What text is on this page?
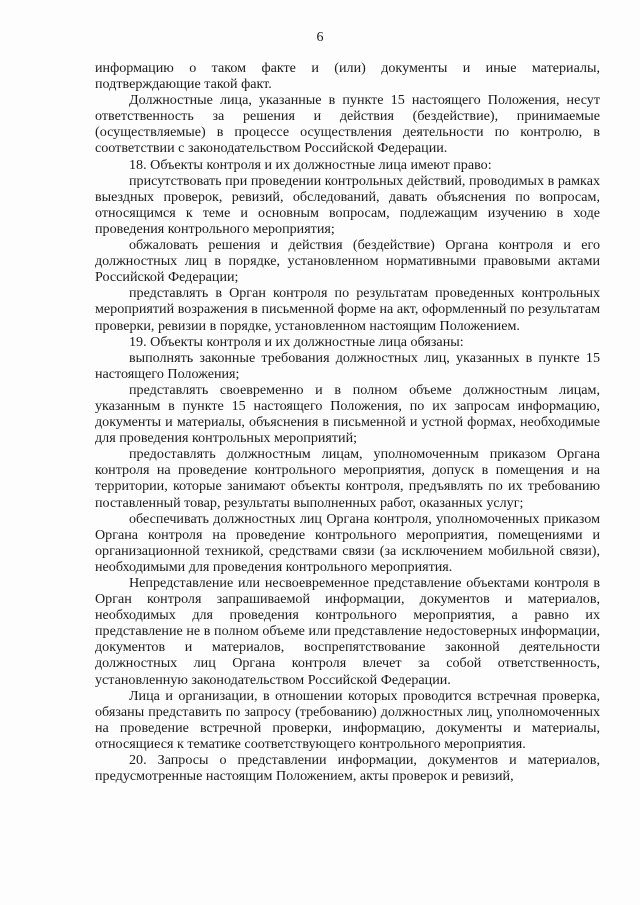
6

информацию о таком факте и (или) документы и иные материалы, подтверждающие такой факт.

Должностные лица, указанные в пункте 15 настоящего Положения, несут ответственность за решения и действия (бездействие), принимаемые (осуществляемые) в процессе осуществления деятельности по контролю, в соответствии с законодательством Российской Федерации.

18. Объекты контроля и их должностные лица имеют право:

присутствовать при проведении контрольных действий, проводимых в рамках выездных проверок, ревизий, обследований, давать объяснения по вопросам, относящимся к теме и основным вопросам, подлежащим изучению в ходе проведения контрольного мероприятия;

обжаловать решения и действия (бездействие) Органа контроля и его должностных лиц в порядке, установленном нормативными правовыми актами Российской Федерации;

представлять в Орган контроля по результатам проведенных контрольных мероприятий возражения в письменной форме на акт, оформленный по результатам проверки, ревизии в порядке, установленном настоящим Положением.

19. Объекты контроля и их должностные лица обязаны:

выполнять законные требования должностных лиц, указанных в пункте 15 настоящего Положения;

представлять своевременно и в полном объеме должностным лицам, указанным в пункте 15 настоящего Положения, по их запросам информацию, документы и материалы, объяснения в письменной и устной формах, необходимые для проведения контрольных мероприятий;

предоставлять должностным лицам, уполномоченным приказом Органа контроля на проведение контрольного мероприятия, допуск в помещения и на территории, которые занимают объекты контроля, предъявлять по их требованию поставленный товар, результаты выполненных работ, оказанных услуг;

обеспечивать должностных лиц Органа контроля, уполномоченных приказом Органа контроля на проведение контрольного мероприятия, помещениями и организационной техникой, средствами связи (за исключением мобильной связи), необходимыми для проведения контрольного мероприятия.

Непредставление или несвоевременное представление объектами контроля в Орган контроля запрашиваемой информации, документов и материалов, необходимых для проведения контрольного мероприятия, а равно их представление не в полном объеме или представление недостоверных информации, документов и материалов, воспрепятствование законной деятельности должностных лиц Органа контроля влечет за собой ответственность, установленную законодательством Российской Федерации.

Лица и организации, в отношении которых проводится встречная проверка, обязаны представить по запросу (требованию) должностных лиц, уполномоченных на проведение встречной проверки, информацию, документы и материалы, относящиеся к тематике соответствующего контрольного мероприятия.

20. Запросы о представлении информации, документов и материалов, предусмотренные настоящим Положением, акты проверок и ревизий,
